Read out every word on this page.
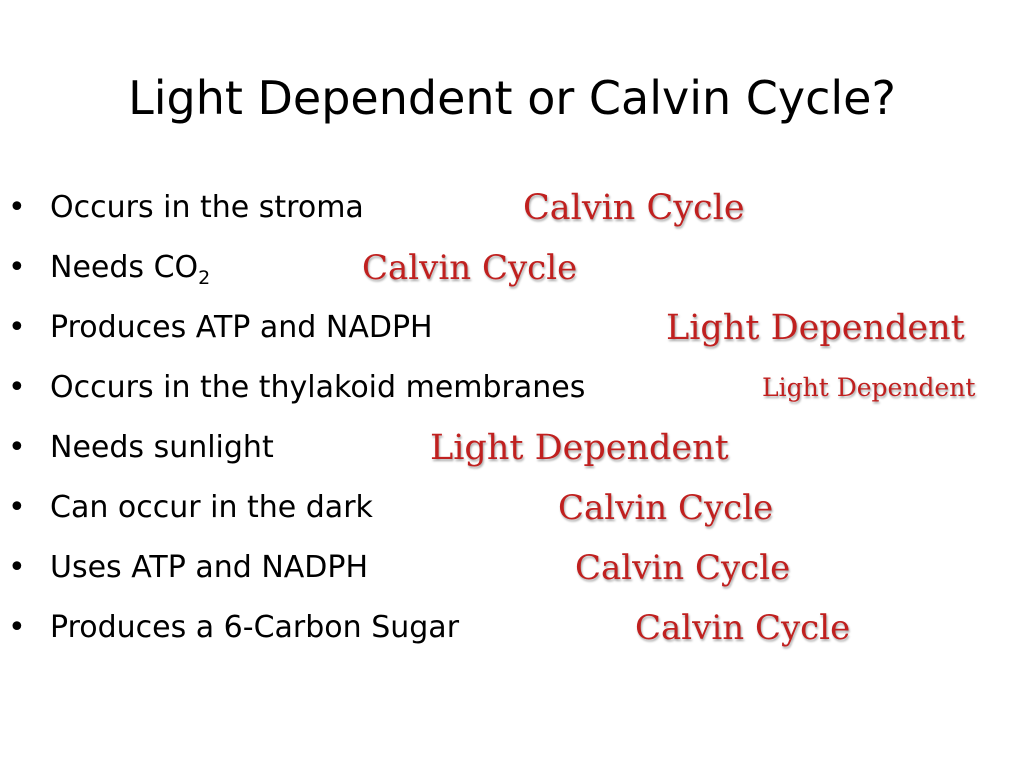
Light Dependent or Calvin Cycle?
• Occurs in the stroma	Calvin Cycle
• Needs $CO_2$	Calvin Cycle
• Produces ATP and NADPH	Light Dependent
• Occurs in the thylakoid membranes	Light Dependent
• Needs sunlight	Light Dependent
• Can occur in the dark	Calvin Cycle
• Uses ATP and NADPH	Calvin Cycle
• Produces a 6-Carbon Sugar	Calvin Cycle
